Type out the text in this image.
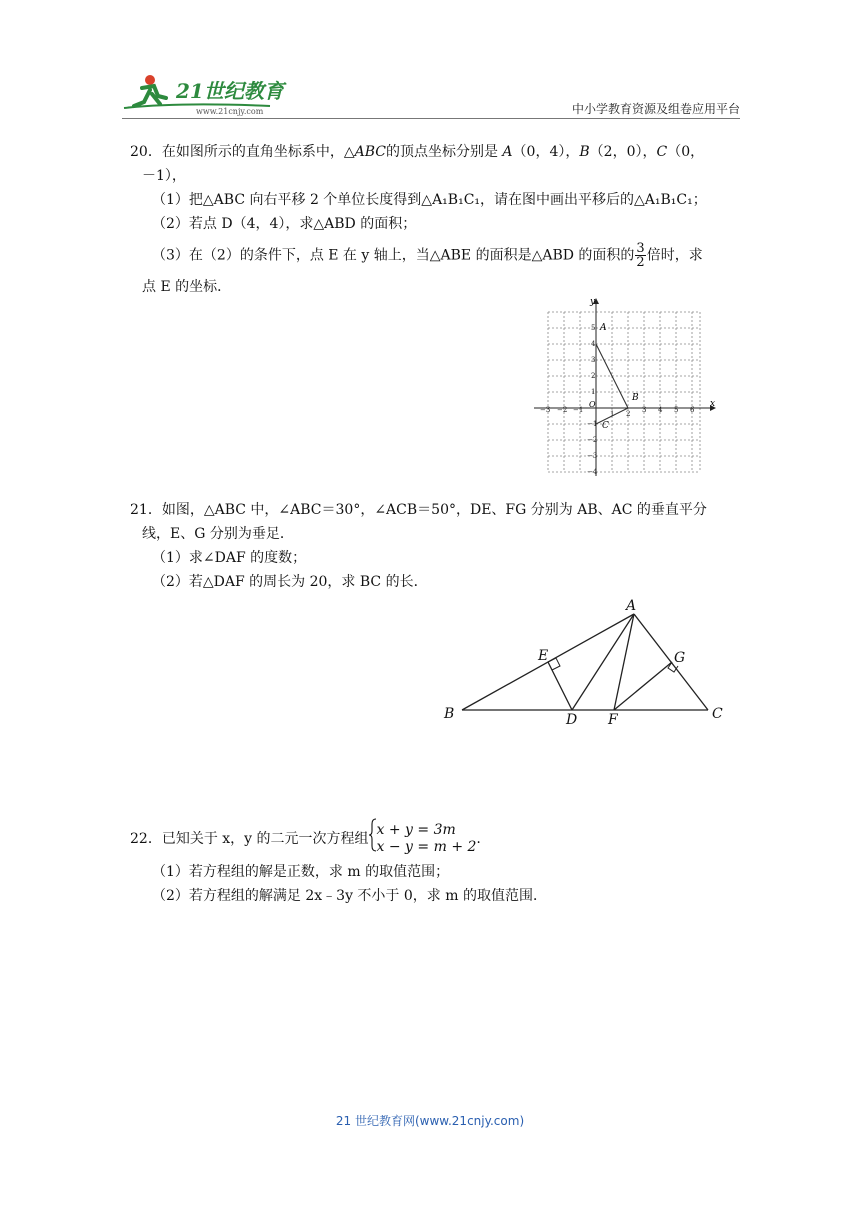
21世纪教育
www.21cnjy.com	中小学教育资源及组卷应用平台

20．在如图所示的直角坐标系中，△ABC的顶点坐标分别是 A（0，4），B（2，0），C（0，

－1），

（1）把△ABC 向右平移 2 个单位长度得到△A₁B₁C₁，请在图中画出平移后的△A₁B₁C₁；

（2）若点 D（4，4），求△ABD 的面积；

（3）在（2）的条件下，点 E 在 y 轴上，当△ABE 的面积是△ABD 的面积的 $\frac{3}{2}$ 倍时，求

点 E 的坐标．

x
y
O
−3 −2 −1	1 2 3 4 5 6
5
4
3
2
1
−1
−2
−3
−4
A
B
C

21．如图，△ABC 中，∠ABC＝30°，∠ACB＝50°，DE、FG 分别为 AB、AC 的垂直平分

线，E、G 分别为垂足．

（1）求∠DAF 的度数；

（2）若△DAF 的周长为 20，求 BC 的长．

A
B	C
D
E
F
G

22．已知关于 x，y 的二元一次方程组
x + y = 3m
x − y = m + 2 .

（1）若方程组的解是正数，求 m 的取值范围；

（2）若方程组的解满足 2x﹣3y 不小于 0，求 m 的取值范围．

21 世纪教育网(www.21cnjy.com)
